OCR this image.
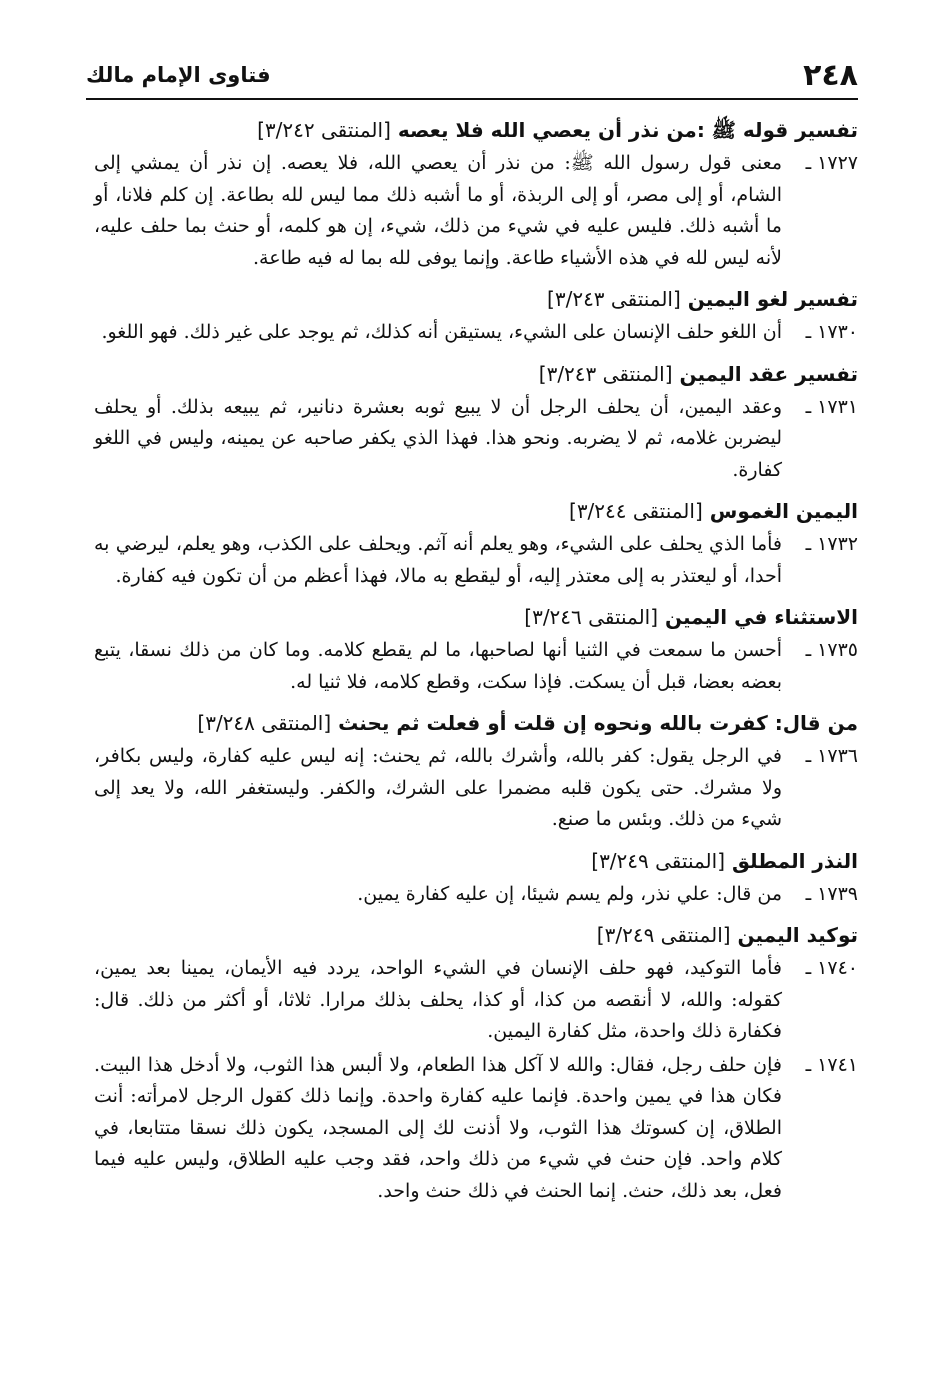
٢٤٨
فتاوى الإمام مالك
تفسير قوله ﷺ :من نذر أن يعصي الله فلا يعصه [المنتقى ٣/٢٤٢]
١٧٢٧ ـ
معنى قول رسول الله ﷺ: من نذر أن يعصي الله، فلا يعصه. إن نذر أن يمشي إلى الشام، أو إلى مصر، أو إلى الربذة، أو ما أشبه ذلك مما ليس لله بطاعة. إن كلم فلانا، أو ما أشبه ذلك. فليس عليه في شيء من ذلك، شيء، إن هو كلمه، أو حنث بما حلف عليه، لأنه ليس لله في هذه الأشياء طاعة. وإنما يوفى لله بما له فيه طاعة.
تفسير لغو اليمين [المنتقى ٣/٢٤٣]
١٧٣٠ ـ
أن اللغو حلف الإنسان على الشيء، يستيقن أنه كذلك، ثم يوجد على غير ذلك. فهو اللغو.
تفسير عقد اليمين [المنتقى ٣/٢٤٣]
١٧٣١ ـ
وعقد اليمين، أن يحلف الرجل أن لا يبيع ثوبه بعشرة دنانير، ثم يبيعه بذلك. أو يحلف ليضربن غلامه، ثم لا يضربه. ونحو هذا. فهذا الذي يكفر صاحبه عن يمينه، وليس في اللغو كفارة.
اليمين الغموس [المنتقى ٣/٢٤٤]
١٧٣٢ ـ
فأما الذي يحلف على الشيء، وهو يعلم أنه آثم. ويحلف على الكذب، وهو يعلم، ليرضي به أحدا، أو ليعتذر به إلى معتذر إليه، أو ليقطع به مالا، فهذا أعظم من أن تكون فيه كفارة.
الاستثناء في اليمين [المنتقى ٣/٢٤٦]
١٧٣٥ ـ
أحسن ما سمعت في الثنيا أنها لصاحبها، ما لم يقطع كلامه. وما كان من ذلك نسقا، يتبع بعضه بعضا، قبل أن يسكت. فإذا سكت، وقطع كلامه، فلا ثنيا له.
من قال: كفرت بالله ونحوه إن قلت أو فعلت ثم يحنث [المنتقى ٣/٢٤٨]
١٧٣٦ ـ
في الرجل يقول: كفر بالله، وأشرك بالله، ثم يحنث: إنه ليس عليه كفارة، وليس بكافر، ولا مشرك. حتى يكون قلبه مضمرا على الشرك، والكفر. وليستغفر الله، ولا يعد إلى شيء من ذلك. وبئس ما صنع.
النذر المطلق [المنتقى ٣/٢٤٩]
١٧٣٩ ـ
من قال: علي نذر، ولم يسم شيئا، إن عليه كفارة يمين.
توكيد اليمين [المنتقى ٣/٢٤٩]
١٧٤٠ ـ
فأما التوكيد، فهو حلف الإنسان في الشيء الواحد، يردد فيه الأيمان، يمينا بعد يمين، كقوله: والله، لا أنقصه من كذا، أو كذا، يحلف بذلك مرارا. ثلاثا، أو أكثر من ذلك. قال: فكفارة ذلك واحدة، مثل كفارة اليمين.
١٧٤١ ـ
فإن حلف رجل، فقال: والله لا آكل هذا الطعام، ولا ألبس هذا الثوب، ولا أدخل هذا البيت. فكان هذا في يمين واحدة. فإنما عليه كفارة واحدة. وإنما ذلك كقول الرجل لامرأته: أنت الطلاق، إن كسوتك هذا الثوب، ولا أذنت لك إلى المسجد، يكون ذلك نسقا متتابعا، في كلام واحد. فإن حنث في شيء من ذلك واحد، فقد وجب عليه الطلاق، وليس عليه فيما فعل، بعد ذلك، حنث. إنما الحنث في ذلك حنث واحد.
